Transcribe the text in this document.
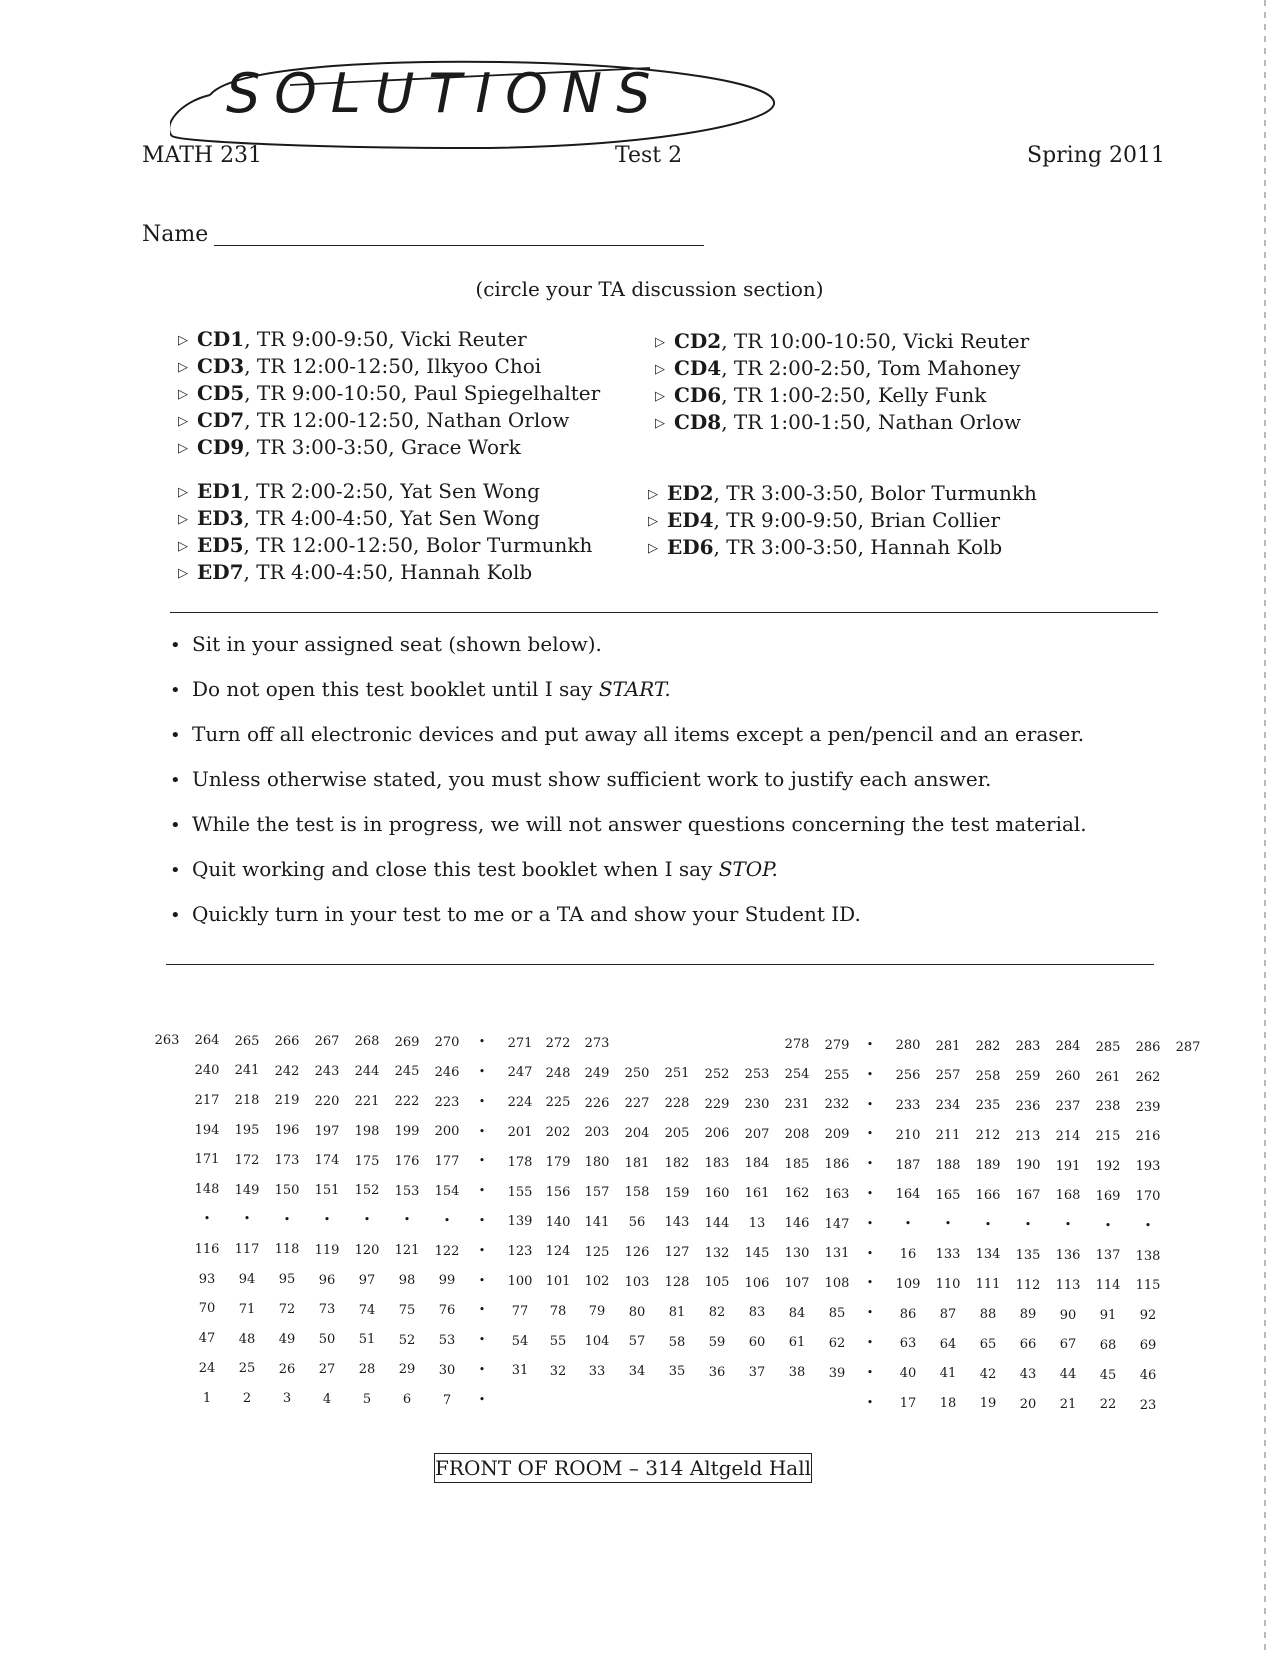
SOLUTIONS
MATH 231	Test 2	Spring 2011
Name
(circle your TA discussion section)
▷ CD1, TR 9:00-9:50, Vicki Reuter	▷ CD2, TR 10:00-10:50, Vicki Reuter
▷ CD3, TR 12:00-12:50, Ilkyoo Choi	▷ CD4, TR 2:00-2:50, Tom Mahoney
▷ CD5, TR 9:00-10:50, Paul Spiegelhalter	▷ CD6, TR 1:00-2:50, Kelly Funk
▷ CD7, TR 12:00-12:50, Nathan Orlow	▷ CD8, TR 1:00-1:50, Nathan Orlow
▷ CD9, TR 3:00-3:50, Grace Work
▷ ED1, TR 2:00-2:50, Yat Sen Wong	▷ ED2, TR 3:00-3:50, Bolor Turmunkh
▷ ED3, TR 4:00-4:50, Yat Sen Wong	▷ ED4, TR 9:00-9:50, Brian Collier
▷ ED5, TR 12:00-12:50, Bolor Turmunkh	▷ ED6, TR 3:00-3:50, Hannah Kolb
▷ ED7, TR 4:00-4:50, Hannah Kolb
• Sit in your assigned seat (shown below).
• Do not open this test booklet until I say START.
• Turn off all electronic devices and put away all items except a pen/pencil and an eraser.
• Unless otherwise stated, you must show sufficient work to justify each answer.
• While the test is in progress, we will not answer questions concerning the test material.
• Quit working and close this test booklet when I say STOP.
• Quickly turn in your test to me or a TA and show your Student ID.
263 264 265 266 267 268 269 270 • 271 272 273	278 279 • 280 281 282 283 284 285 286 287
240 241 242 243 244 245 246 • 247 248 249 250 251 252 253 254 255 • 256 257 258 259 260 261 262
217 218 219 220 221 222 223 • 224 225 226 227 228 229 230 231 232 • 233 234 235 236 237 238 239
194 195 196 197 198 199 200 • 201 202 203 204 205 206 207 208 209 • 210 211 212 213 214 215 216
171 172 173 174 175 176 177 • 178 179 180 181 182 183 184 185 186 • 187 188 189 190 191 192 193
148 149 150 151 152 153 154 • 155 156 157 158 159 160 161 162 163 • 164 165 166 167 168 169 170
•	•	•	•	•	•	•	• 139 140 141 56 143 144 13 146 147 •	•	•	•	•	•	•	•
116 117 118 119 120 121 122 • 123 124 125 126 127 132 145 130 131 • 16 133 134 135 136 137 138
93 94 95 96 97 98 99 • 100 101 102 103 128 105 106 107 108 • 109 110 111 112 113 114 115
70 71 72 73 74 75 76 • 77 78 79 80 81 82 83 84 85 • 86 87 88 89 90 91 92
47 48 49 50 51 52 53 • 54 55 104 57 58 59 60 61 62 • 63 64 65 66 67 68 69
24 25 26 27 28 29 30 • 31 32 33 34 35 36 37 38 39 • 40 41 42 43 44 45 46
1 2 3 4 5 6 7	•	• 17 18 19 20 21 22 23
FRONT OF ROOM – 314 Altgeld Hall
